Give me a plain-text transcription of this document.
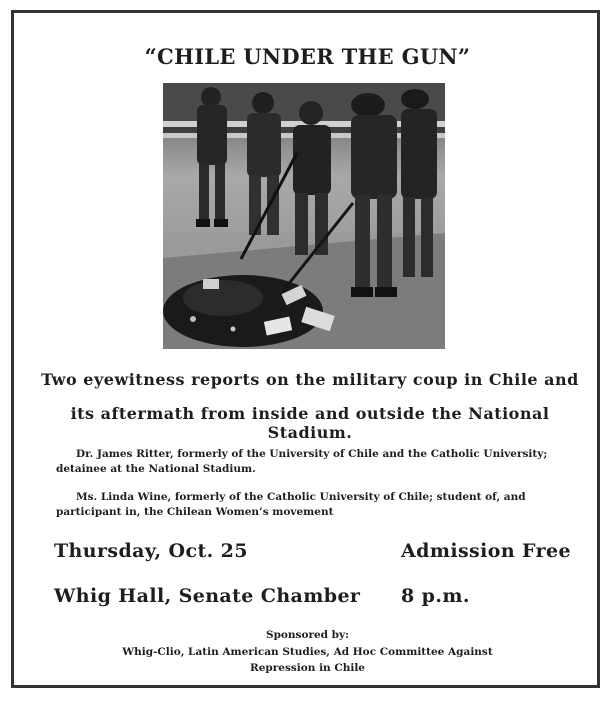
“CHILE UNDER THE GUN”
Two eyewitness reports on the military coup in Chile and
its aftermath from inside and outside the National Stadium.
Dr. James Ritter, formerly of the University of Chile and the Catholic University; detainee at the National Stadium.
Ms. Linda Wine, formerly of the Catholic University of Chile; student of, and participant in, the Chilean Women’s movement
Thursday, Oct. 25	Admission Free
Whig Hall, Senate Chamber 8 p.m.
Sponsored by:
Whig-Clio, Latin American Studies, Ad Hoc Committee Against
Repression in Chile
